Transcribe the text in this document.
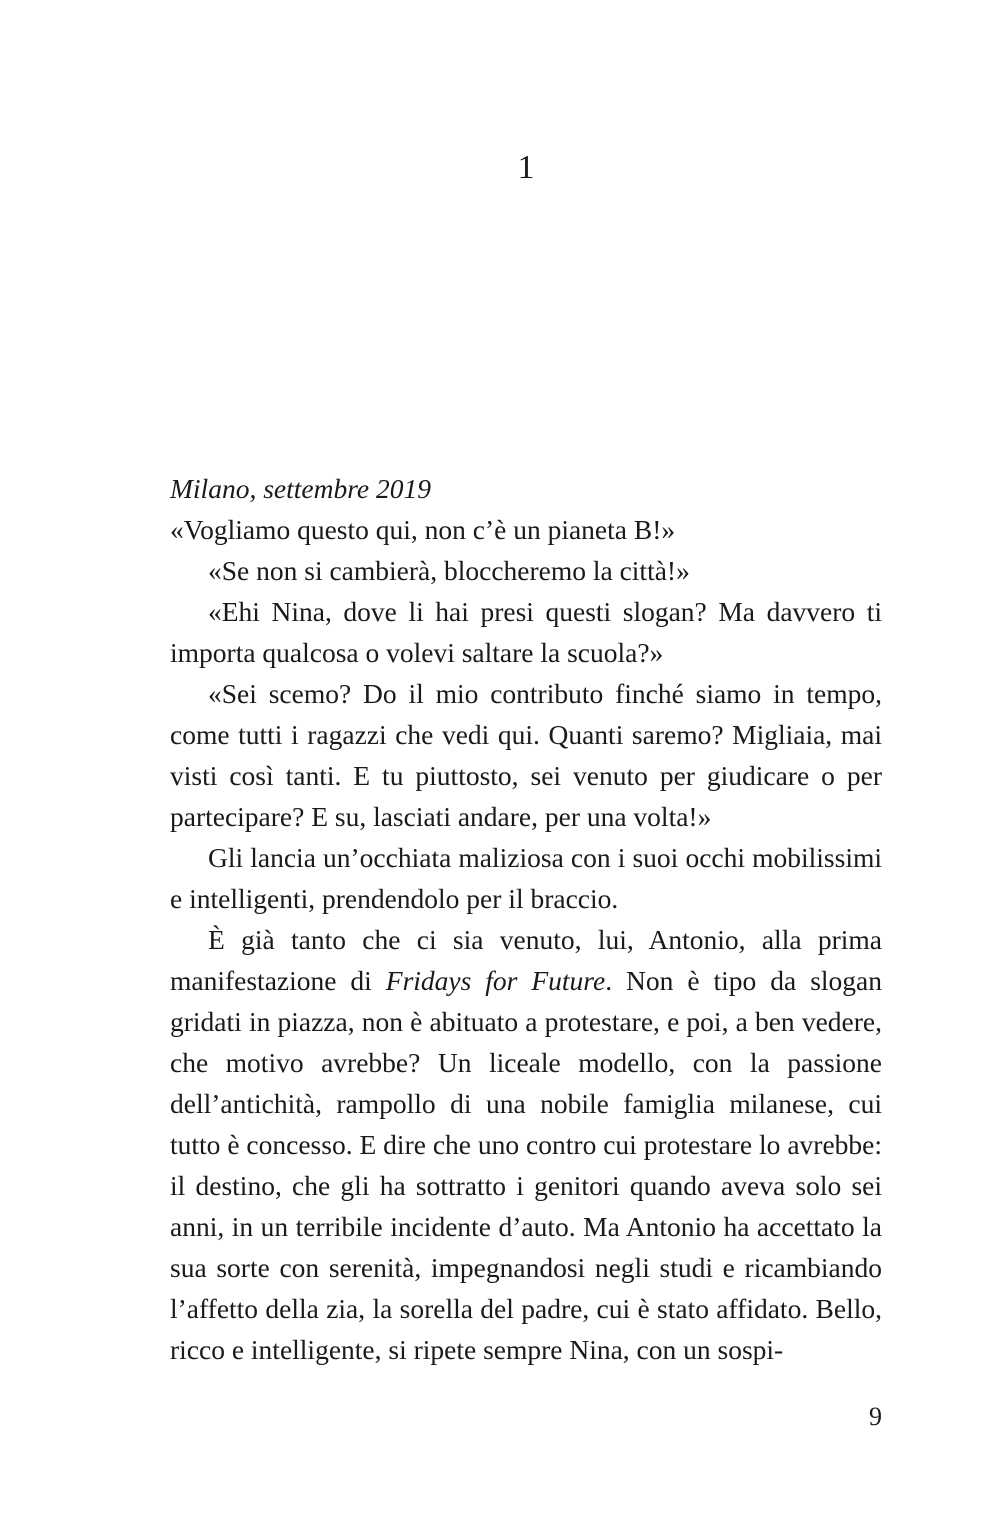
1

Milano, settembre 2019

«Vogliamo questo qui, non c’è un pianeta B!»

«Se non si cambierà, bloccheremo la città!»

«Ehi Nina, dove li hai presi questi slogan? Ma davvero ti importa qualcosa o volevi saltare la scuola?»

«Sei scemo? Do il mio contributo finché siamo in tempo, come tutti i ragazzi che vedi qui. Quanti saremo? Migliaia, mai visti così tanti. E tu piuttosto, sei venuto per giudicare o per partecipare? E su, lasciati andare, per una volta!»

Gli lancia un’occhiata maliziosa con i suoi occhi mobilissimi e intelligenti, prendendolo per il braccio.

È già tanto che ci sia venuto, lui, Antonio, alla prima manifestazione di Fridays for Future. Non è tipo da slogan gridati in piazza, non è abituato a protestare, e poi, a ben vedere, che motivo avrebbe? Un liceale modello, con la passione dell’antichità, rampollo di una nobile famiglia milanese, cui tutto è concesso. E dire che uno contro cui protestare lo avrebbe: il destino, che gli ha sottratto i genitori quando aveva solo sei anni, in un terribile incidente d’auto. Ma Antonio ha accettato la sua sorte con serenità, impegnandosi negli studi e ricambiando l’affetto della zia, la sorella del padre, cui è stato affidato. Bello, ricco e intelligente, si ripete sempre Nina, con un sospi-

9
